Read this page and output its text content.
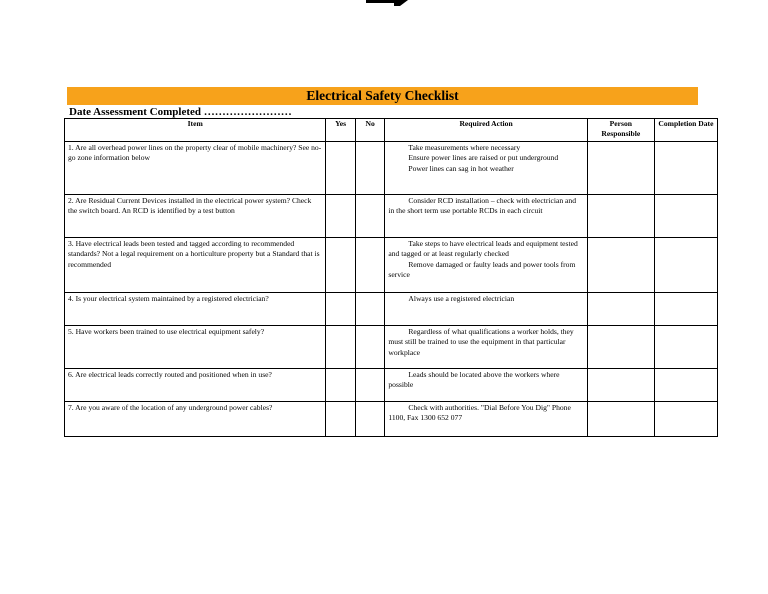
Electrical Safety Checklist
Date Assessment Completed ……………………
Item	Yes	No	Required Action	Person Responsible	Completion Date
1. Are all overhead power lines on the property clear of mobile machinery? See no-go zone information below			Take measurements where necessary
Ensure power lines are raised or put underground
Power lines can sag in hot weather		

2. Are Residual Current Devices installed in the electrical power system? Check the switch board. An RCD is identified by a test button			Consider RCD installation – check with electrician and in the short term use portable RCDs in each circuit		

3. Have electrical leads been tested and tagged according to recommended standards? Not a legal requirement on a horticulture property but a Standard that is recommended			Take steps to have electrical leads and equipment tested and tagged or at least regularly checked
Remove damaged or faulty leads and power tools from service		

4. Is your electrical system maintained by a registered electrician?			Always use a registered electrician		

5. Have workers been trained to use electrical equipment safely?			Regardless of what qualifications a worker holds, they must still be trained to use the equipment in that particular workplace		

6. Are electrical leads correctly routed and positioned when in use?			Leads should be located above the workers where possible		

7. Are you aware of the location of any underground power cables?			Check with authorities. "Dial Before You Dig" Phone 1100, Fax 1300 652 077		
